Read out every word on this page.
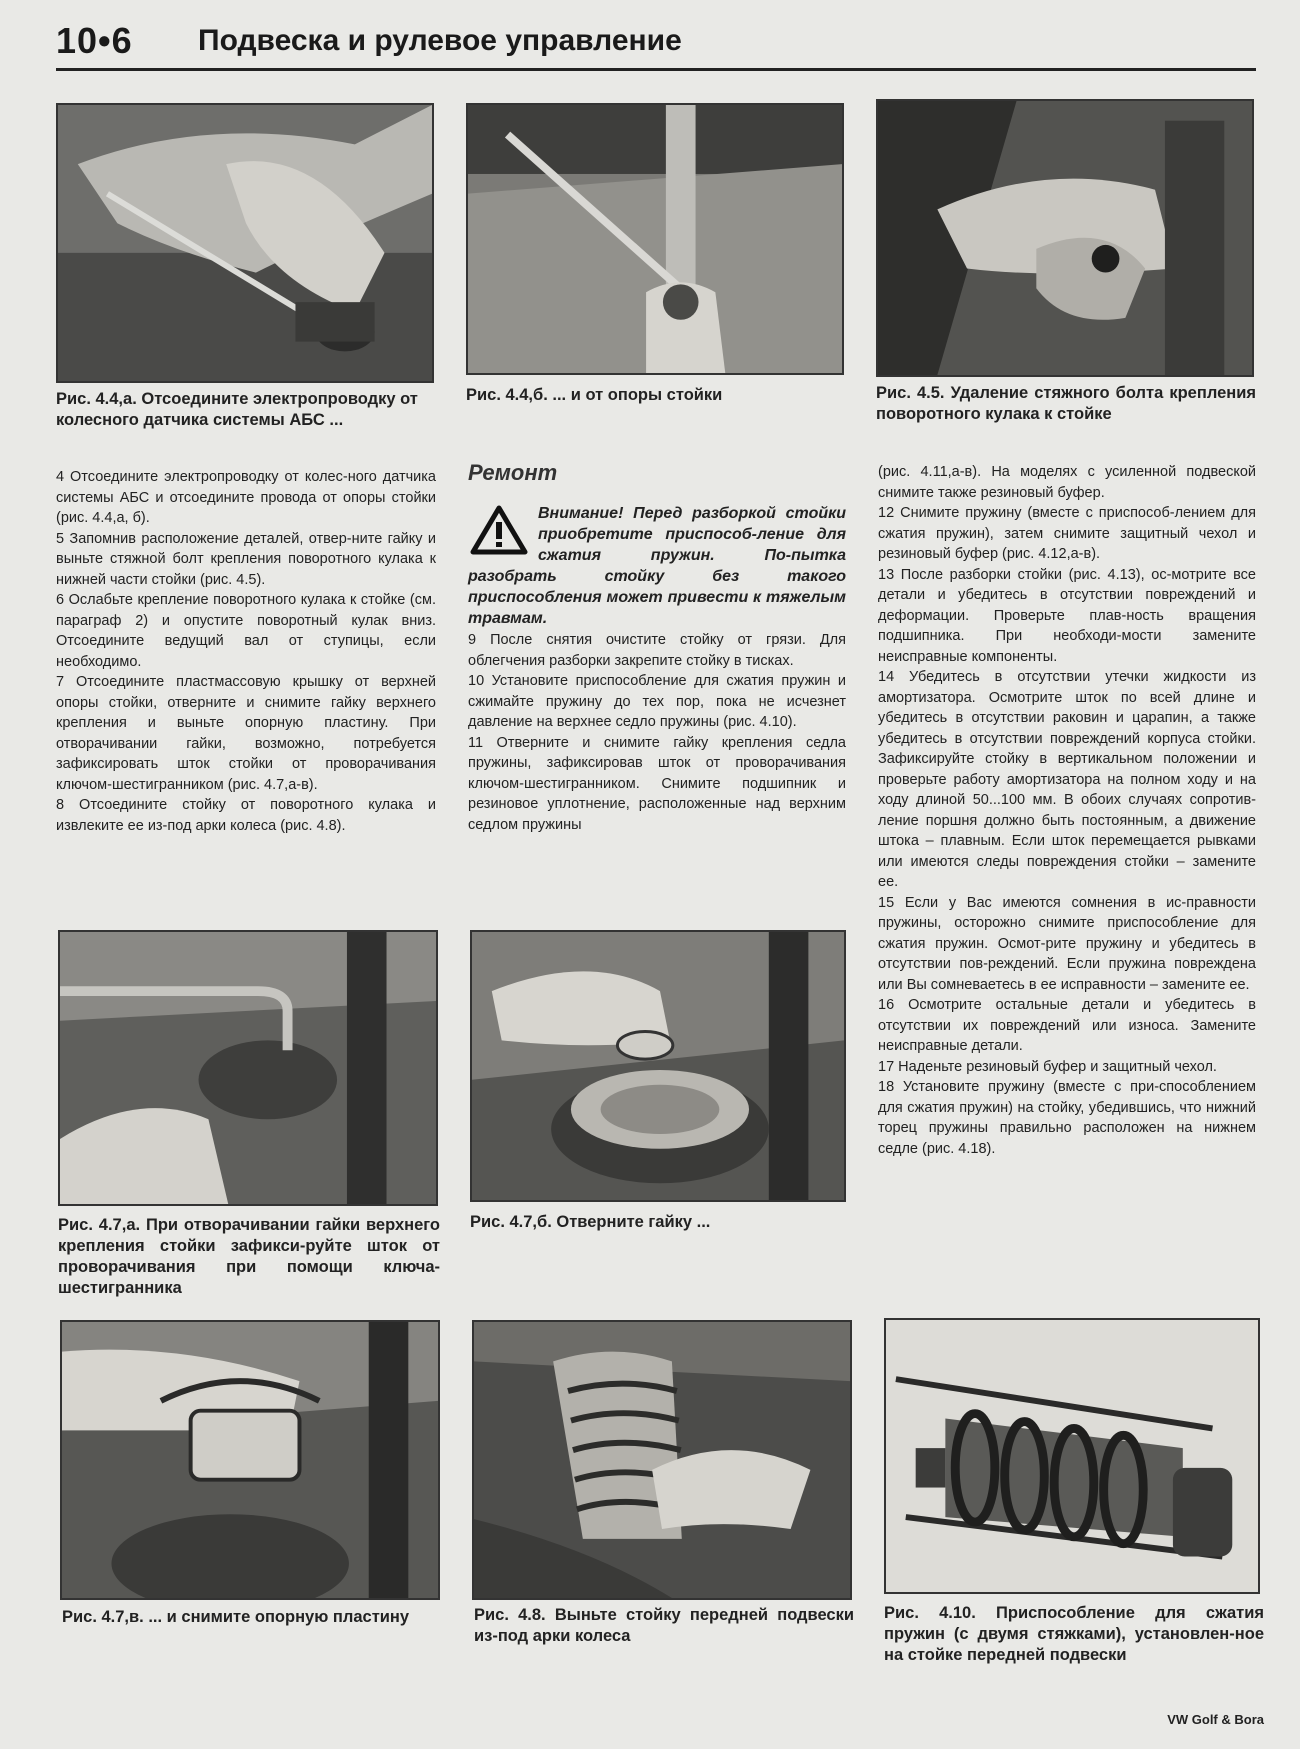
10•6 Подвеска и рулевое управление
Рис. 4.4,а. Отсоедините электропроводку от колесного датчика системы АБС ...
Рис. 4.4,б. ... и от опоры стойки	Рис. 4.5. Удаление стяжного болта крепления поворотного кулака к стойке

4 Отсоедините электропроводку от колес-ного датчика системы АБС и отсоедините провода от опоры стойки (рис. 4.4,а, б).

5 Запомнив расположение деталей, отвер-ните гайку и выньте стяжной болт крепления поворотного кулака к нижней части стойки (рис. 4.5).

6 Ослабьте крепление поворотного кулака к стойке (см. параграф 2) и опустите поворотный кулак вниз. Отсоедините ведущий вал от ступицы, если необходимо.

7 Отсоедините пластмассовую крышку от верхней опоры стойки, отверните и снимите гайку верхнего крепления и выньте опорную пластину. При отворачивании гайки, возможно, потребуется зафиксировать шток стойки от проворачивания ключом-шестигранником (рис. 4.7,а-в).

8 Отсоедините стойку от поворотного кулака и извлеките ее из-под арки колеса (рис. 4.8).

Ремонт
Внимание! Перед разборкой стойки приобретите приспособ-ление для сжатия пружин. По-пытка разобрать стойку без такого приспособления может привести к тяжелым травмам.

9 После снятия очистите стойку от грязи. Для облегчения разборки закрепите стойку в тисках.

10 Установите приспособление для сжатия пружин и сжимайте пружину до тех пор, пока не исчезнет давление на верхнее седло пружины (рис. 4.10).

11 Отверните и снимите гайку крепления седла пружины, зафиксировав шток от проворачивания ключом-шестигранником. Снимите подшипник и резиновое уплотнение, расположенные над верхним седлом пружины

(рис. 4.11,а-в). На моделях с усиленной подвеской снимите также резиновый буфер.

12 Снимите пружину (вместе с приспособ-лением для сжатия пружин), затем снимите защитный чехол и резиновый буфер (рис. 4.12,а-в).

13 После разборки стойки (рис. 4.13), ос-мотрите все детали и убедитесь в отсутствии повреждений и деформации. Проверьте плав-ность вращения подшипника. При необходи-мости замените неисправные компоненты.

14 Убедитесь в отсутствии утечки жидкости из амортизатора. Осмотрите шток по всей длине и убедитесь в отсутствии раковин и царапин, а также убедитесь в отсутствии повреждений корпуса стойки. Зафиксируйте стойку в вертикальном положении и проверьте работу амортизатора на полном ходу и на ходу длиной 50...100 мм. В обоих случаях сопротив-ление поршня должно быть постоянным, а движение штока – плавным. Если шток перемещается рывками или имеются следы повреждения стойки – замените ее.

15 Если у Вас имеются сомнения в ис-правности пружины, осторожно снимите приспособление для сжатия пружин. Осмот-рите пружину и убедитесь в отсутствии пов-реждений. Если пружина повреждена или Вы сомневаетесь в ее исправности – замените ее.

16 Осмотрите остальные детали и убедитесь в отсутствии их повреждений или износа. Замените неисправные детали.

17 Наденьте резиновый буфер и защитный чехол.

18 Установите пружину (вместе с при-способлением для сжатия пружин) на стойку, убедившись, что нижний торец пружины правильно расположен на нижнем седле (рис. 4.18).

Рис. 4.7,а. При отворачивании гайки верхнего крепления стойки зафикси-руйте шток от проворачивания при помощи ключа-шестигранника
Рис. 4.7,б. Отверните гайку ...
Рис. 4.7,в. ... и снимите опорную пластину	Рис. 4.8. Выньте стойку передней подвески из-под арки колеса
Рис. 4.10. Приспособление для сжатия пружин (с двумя стяжками), установлен-ное на стойке передней подвески
VW Golf & Bora
